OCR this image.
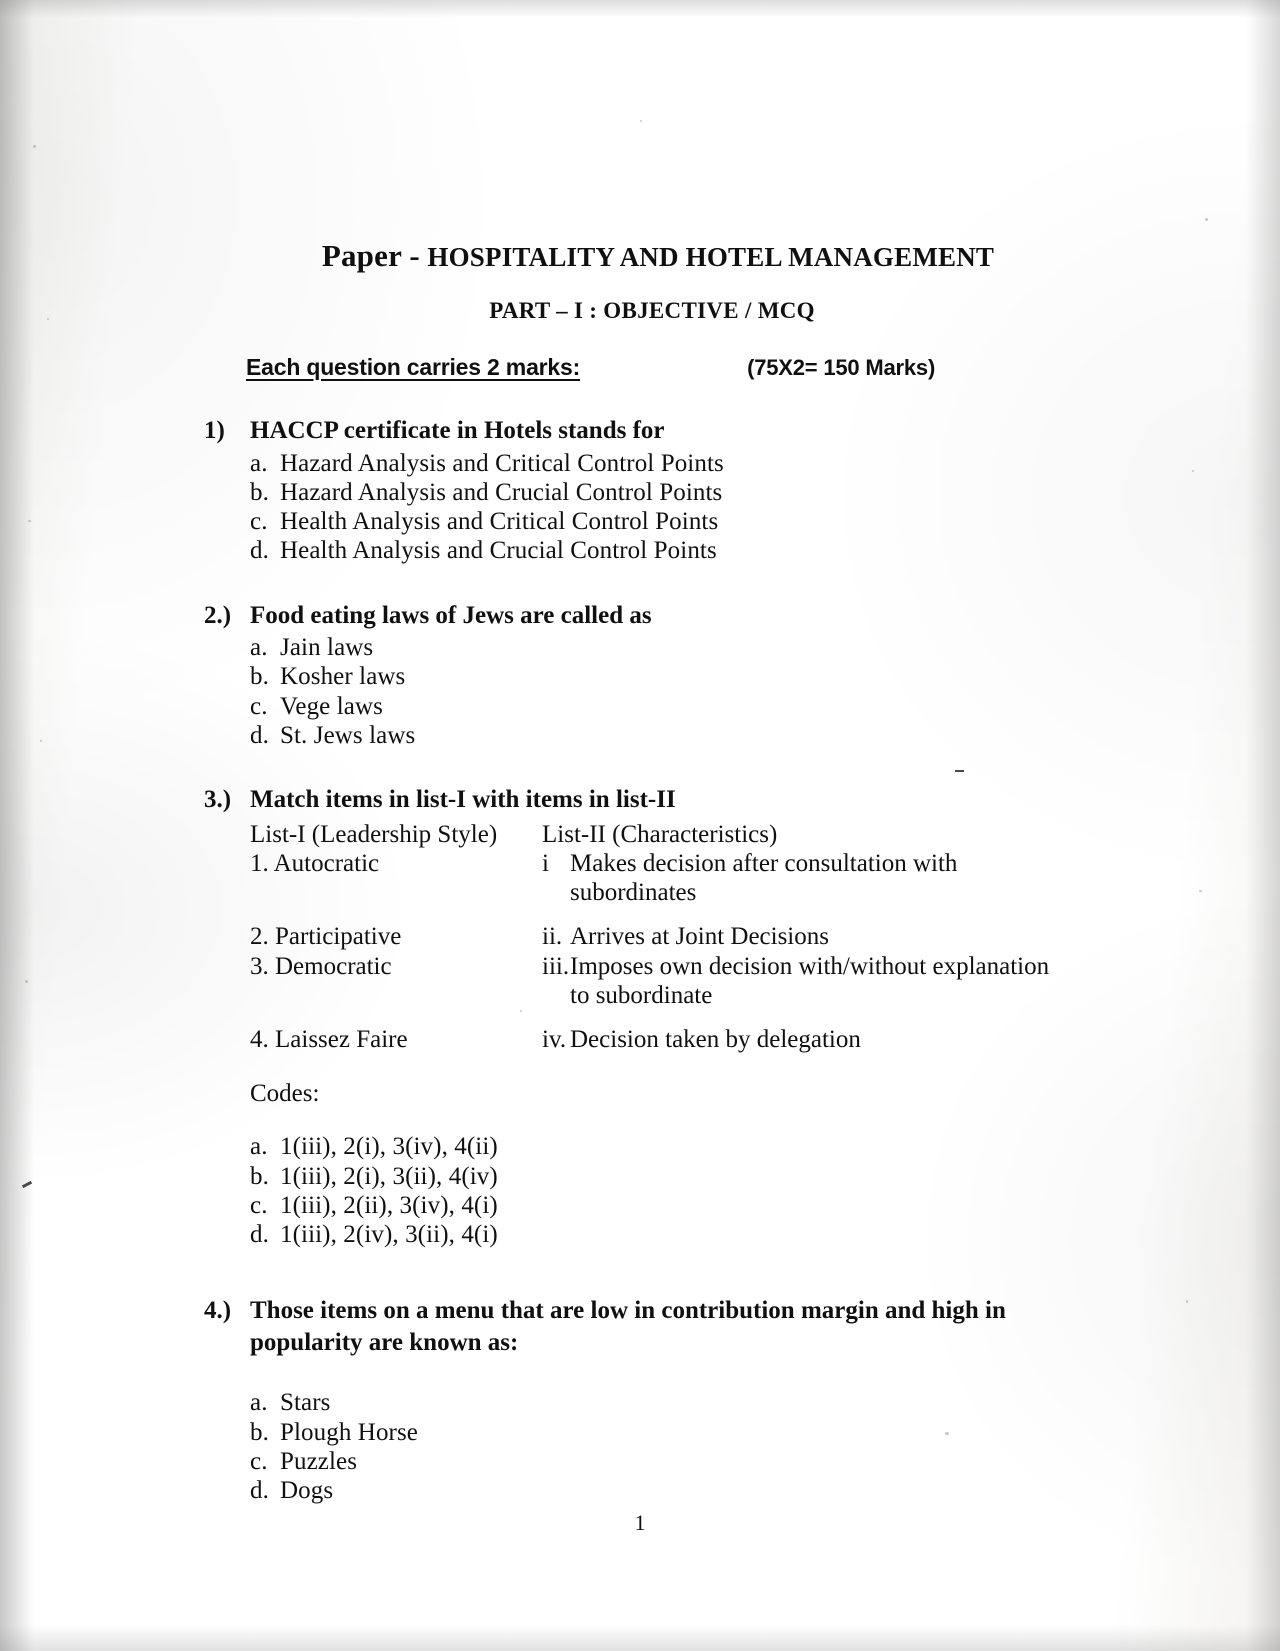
Paper - HOSPITALITY AND HOTEL MANAGEMENT
PART – I : OBJECTIVE / MCQ
Each question carries 2 marks:	(75X2= 150 Marks)
1)	HACCP certificate in Hotels stands for
a. Hazard Analysis and Critical Control Points
b. Hazard Analysis and Crucial Control Points
c. Health Analysis and Critical Control Points
d. Health Analysis and Crucial Control Points
2.) Food eating laws of Jews are called as
a. Jain laws
b. Kosher laws
c. Vege laws
d. St. Jews laws
3.) Match items in list-I with items in list-II
List-I (Leadership Style)	List-II (Characteristics)
1. Autocratic	i Makes decision after consultation with
subordinates
2. Participative	ii. Arrives at Joint Decisions
3. Democratic	iii. Imposes own decision with/without explanation
to subordinate
4. Laissez Faire	iv. Decision taken by delegation
Codes:
a. 1(iii), 2(i), 3(iv), 4(ii)
b. 1(iii), 2(i), 3(ii), 4(iv)
c. 1(iii), 2(ii), 3(iv), 4(i)
d. 1(iii), 2(iv), 3(ii), 4(i)
4.) Those items on a menu that are low in contribution margin and high in popularity are known as:
a. Stars
b. Plough Horse
c. Puzzles
d. Dogs
1
